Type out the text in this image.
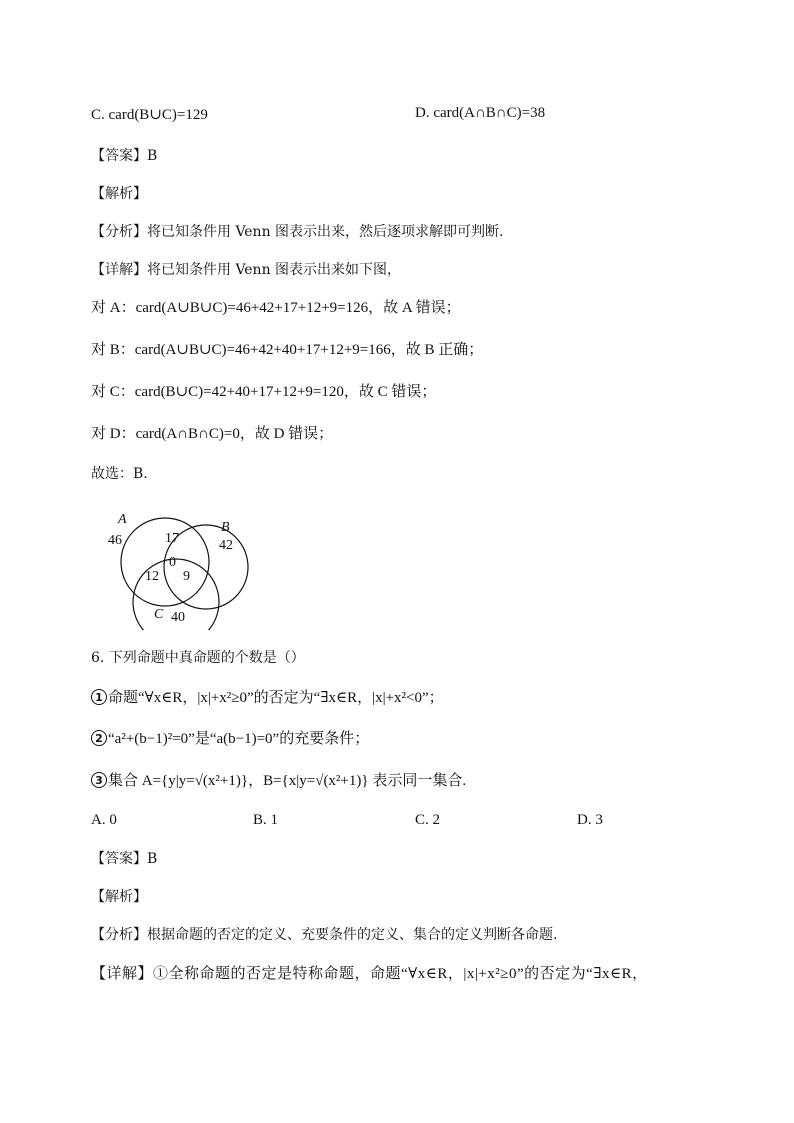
C. card(B∪C)=129	D. card(A∩B∩C)=38
【答案】B
【解析】
【分析】将已知条件用 Venn 图表示出来，然后逐项求解即可判断.
【详解】将已知条件用 Venn 图表示出来如下图，
对 A：card(A∪B∪C)=46+42+17+12+9=126，故 A 错误；
对 B：card(A∪B∪C)=46+42+40+17+12+9=166，故 B 正确；
对 C：card(B∪C)=42+40+17+12+9=120，故 C 错误；
对 D：card(A∩B∩C)=0，故 D 错误；
故选：B.
A
B
C
46	42
40
17
12 9
0
6. 下列命题中真命题的个数是（）
1 命题“∀x∈R，|x|+x²≥0”的否定为“∃x∈R，|x|+x²<0”；
2 “a²+(b−1)²=0”是“a(b−1)=0”的充要条件；
3 集合 A={y|y=√(x²+1)}，B={x|y=√(x²+1)} 表示同一集合.
A. 0	B. 1	C. 2	D. 3
【答案】B
【解析】
【分析】根据命题的否定的定义、充要条件的定义、集合的定义判断各命题.
【详解】①全称命题的否定是特称命题，命题“∀x∈R，|x|+x²≥0”的否定为“∃x∈R，
